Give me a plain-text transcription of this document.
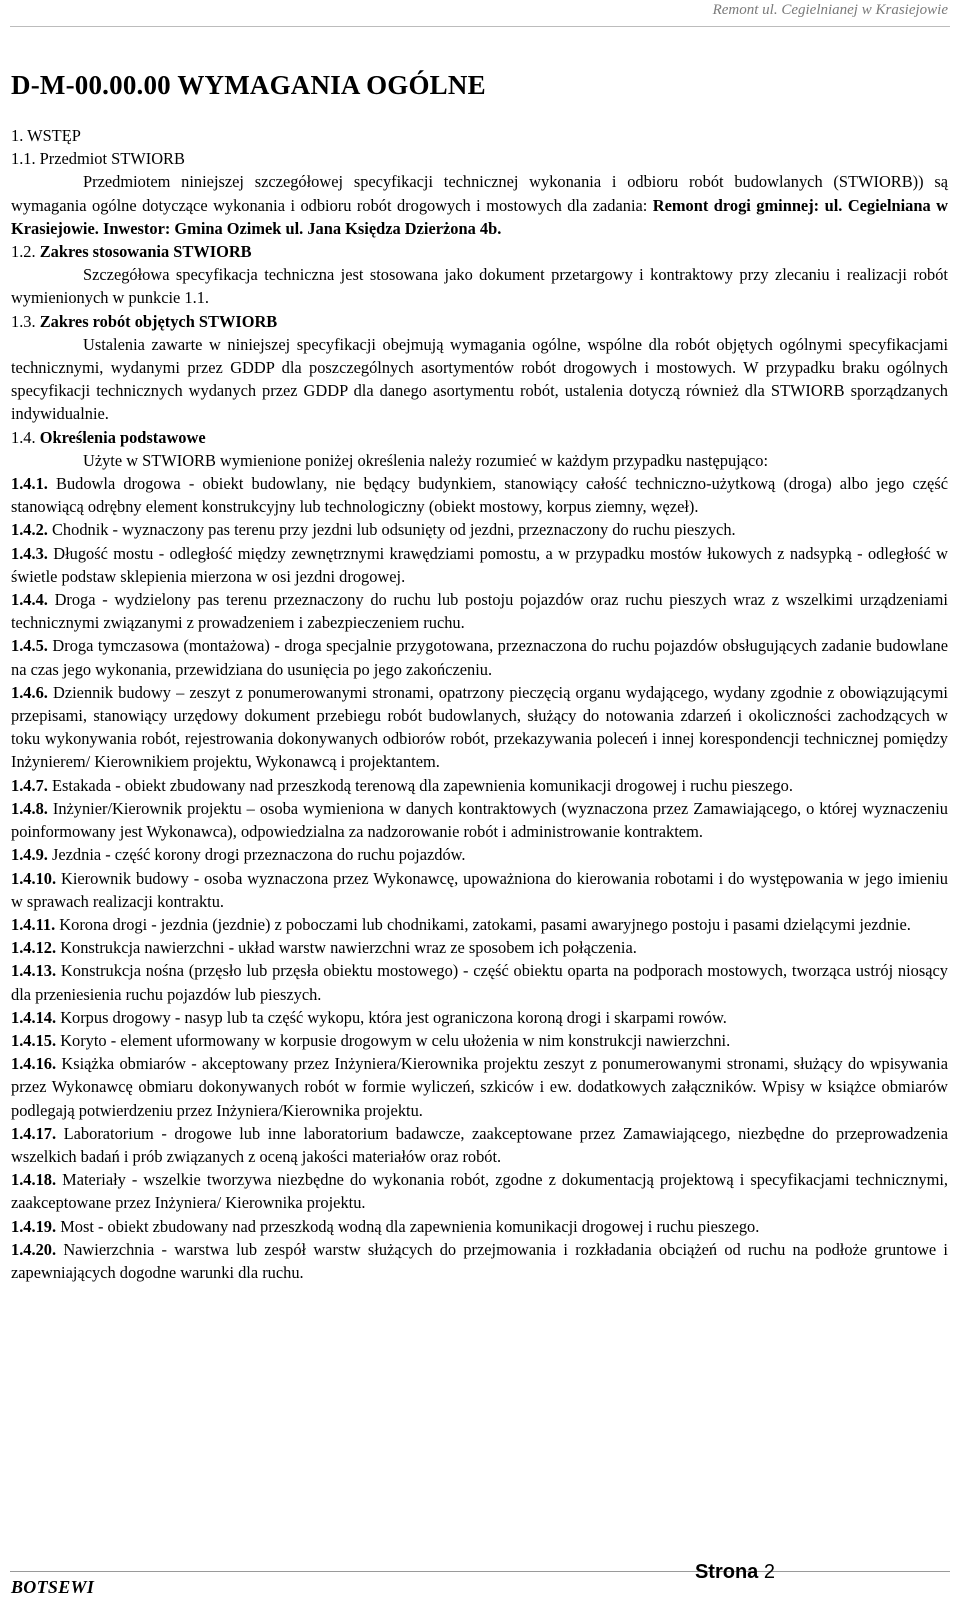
Remont ul. Cegielnianej w Krasiejowie
D-M-00.00.00 WYMAGANIA OGÓLNE

1. WSTĘP

1.1. Przedmiot STWIORB

Przedmiotem niniejszej szczegółowej specyfikacji technicznej wykonania i odbioru robót budowlanych (STWIORB)) są wymagania ogólne dotyczące wykonania i odbioru robót drogowych i mostowych dla zadania: Remont drogi gminnej: ul. Cegielniana w Krasiejowie. Inwestor: Gmina Ozimek ul. Jana Księdza Dzierżona 4b.

1.2. Zakres stosowania STWIORB

Szczegółowa specyfikacja techniczna jest stosowana jako dokument przetargowy i kontraktowy przy zlecaniu i realizacji robót wymienionych w punkcie 1.1.

1.3. Zakres robót objętych STWIORB

Ustalenia zawarte w niniejszej specyfikacji obejmują wymagania ogólne, wspólne dla robót objętych ogólnymi specyfikacjami technicznymi, wydanymi przez GDDP dla poszczególnych asortymentów robót drogowych i mostowych. W przypadku braku ogólnych specyfikacji technicznych wydanych przez GDDP dla danego asortymentu robót, ustalenia dotyczą również dla STWIORB sporządzanych indywidualnie.

1.4. Określenia podstawowe

Użyte w STWIORB wymienione poniżej określenia należy rozumieć w każdym przypadku następująco:

1.4.1. Budowla drogowa - obiekt budowlany, nie będący budynkiem, stanowiący całość techniczno-użytkową (droga) albo jego część stanowiącą odrębny element konstrukcyjny lub technologiczny (obiekt mostowy, korpus ziemny, węzeł).

1.4.2. Chodnik - wyznaczony pas terenu przy jezdni lub odsunięty od jezdni, przeznaczony do ruchu pieszych.

1.4.3. Długość mostu - odległość między zewnętrznymi krawędziami pomostu, a w przypadku mostów łukowych z nadsypką - odległość w świetle podstaw sklepienia mierzona w osi jezdni drogowej.

1.4.4. Droga - wydzielony pas terenu przeznaczony do ruchu lub postoju pojazdów oraz ruchu pieszych wraz z wszelkimi urządzeniami technicznymi związanymi z prowadzeniem i zabezpieczeniem ruchu.

1.4.5. Droga tymczasowa (montażowa) - droga specjalnie przygotowana, przeznaczona do ruchu pojazdów obsługujących zadanie budowlane na czas jego wykonania, przewidziana do usunięcia po jego zakończeniu.

1.4.6. Dziennik budowy – zeszyt z ponumerowanymi stronami, opatrzony pieczęcią organu wydającego, wydany zgodnie z obowiązującymi przepisami, stanowiący urzędowy dokument przebiegu robót budowlanych, służący do notowania zdarzeń i okoliczności zachodzących w toku wykonywania robót, rejestrowania dokonywanych odbiorów robót, przekazywania poleceń i innej korespondencji technicznej pomiędzy Inżynierem/ Kierownikiem projektu, Wykonawcą i projektantem.

1.4.7. Estakada - obiekt zbudowany nad przeszkodą terenową dla zapewnienia komunikacji drogowej i ruchu pieszego.

1.4.8. Inżynier/Kierownik projektu – osoba wymieniona w danych kontraktowych (wyznaczona przez Zamawiającego, o której wyznaczeniu poinformowany jest Wykonawca), odpowiedzialna za nadzorowanie robót i administrowanie kontraktem.

1.4.9. Jezdnia - część korony drogi przeznaczona do ruchu pojazdów.

1.4.10. Kierownik budowy - osoba wyznaczona przez Wykonawcę, upoważniona do kierowania robotami i do występowania w jego imieniu w sprawach realizacji kontraktu.

1.4.11. Korona drogi - jezdnia (jezdnie) z poboczami lub chodnikami, zatokami, pasami awaryjnego postoju i pasami dzielącymi jezdnie.

1.4.12. Konstrukcja nawierzchni - układ warstw nawierzchni wraz ze sposobem ich połączenia.

1.4.13. Konstrukcja nośna (przęsło lub przęsła obiektu mostowego) - część obiektu oparta na podporach mostowych, tworząca ustrój niosący dla przeniesienia ruchu pojazdów lub pieszych.

1.4.14. Korpus drogowy - nasyp lub ta część wykopu, która jest ograniczona koroną drogi i skarpami rowów.

1.4.15. Koryto - element uformowany w korpusie drogowym w celu ułożenia w nim konstrukcji nawierzchni.

1.4.16. Książka obmiarów - akceptowany przez Inżyniera/Kierownika projektu zeszyt z ponumerowanymi stronami, służący do wpisywania przez Wykonawcę obmiaru dokonywanych robót w formie wyliczeń, szkiców i ew. dodatkowych załączników. Wpisy w książce obmiarów podlegają potwierdzeniu przez Inżyniera/Kierownika projektu.

1.4.17. Laboratorium - drogowe lub inne laboratorium badawcze, zaakceptowane przez Zamawiającego, niezbędne do przeprowadzenia wszelkich badań i prób związanych z oceną jakości materiałów oraz robót.

1.4.18. Materiały - wszelkie tworzywa niezbędne do wykonania robót, zgodne z dokumentacją projektową i specyfikacjami technicznymi, zaakceptowane przez Inżyniera/ Kierownika projektu.

1.4.19. Most - obiekt zbudowany nad przeszkodą wodną dla zapewnienia komunikacji drogowej i ruchu pieszego.

1.4.20. Nawierzchnia - warstwa lub zespół warstw służących do przejmowania i rozkładania obciążeń od ruchu na podłoże gruntowe i zapewniających dogodne warunki dla ruchu.

BOTSEWI
Strona 2
